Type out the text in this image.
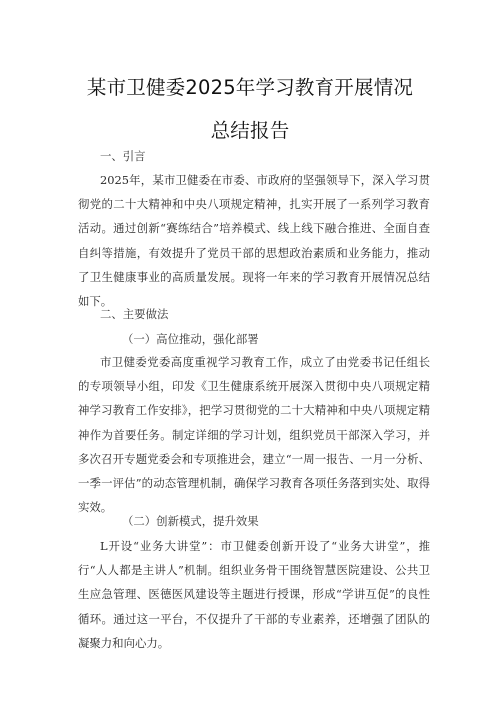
某市卫健委2025年学习教育开展情况
总结报告

一、引言

2025年，某市卫健委在市委、市政府的坚强领导下，深入学习贯彻党的二十大精神和中央八项规定精神，扎实开展了一系列学习教育活动。通过创新“赛练结合”培养模式、线上线下融合推进、全面自查自纠等措施，有效提升了党员干部的思想政治素质和业务能力，推动了卫生健康事业的高质量发展。现将一年来的学习教育开展情况总结如下。

二、主要做法

（一）高位推动，强化部署

市卫健委党委高度重视学习教育工作，成立了由党委书记任组长的专项领导小组，印发《卫生健康系统开展深入贯彻中央八项规定精神学习教育工作安排》，把学习贯彻党的二十大精神和中央八项规定精神作为首要任务。制定详细的学习计划，组织党员干部深入学习，并多次召开专题党委会和专项推进会，建立“一周一报告、一月一分析、一季一评估”的动态管理机制，确保学习教育各项任务落到实处、取得实效。

（二）创新模式，提升效果

L开设“业务大讲堂”：市卫健委创新开设了“业务大讲堂”，推行“人人都是主讲人”机制。组织业务骨干围绕智慧医院建设、公共卫生应急管理、医德医风建设等主题进行授课，形成“学讲互促”的良性循环。通过这一平台，不仅提升了干部的专业素养，还增强了团队的凝聚力和向心力。
